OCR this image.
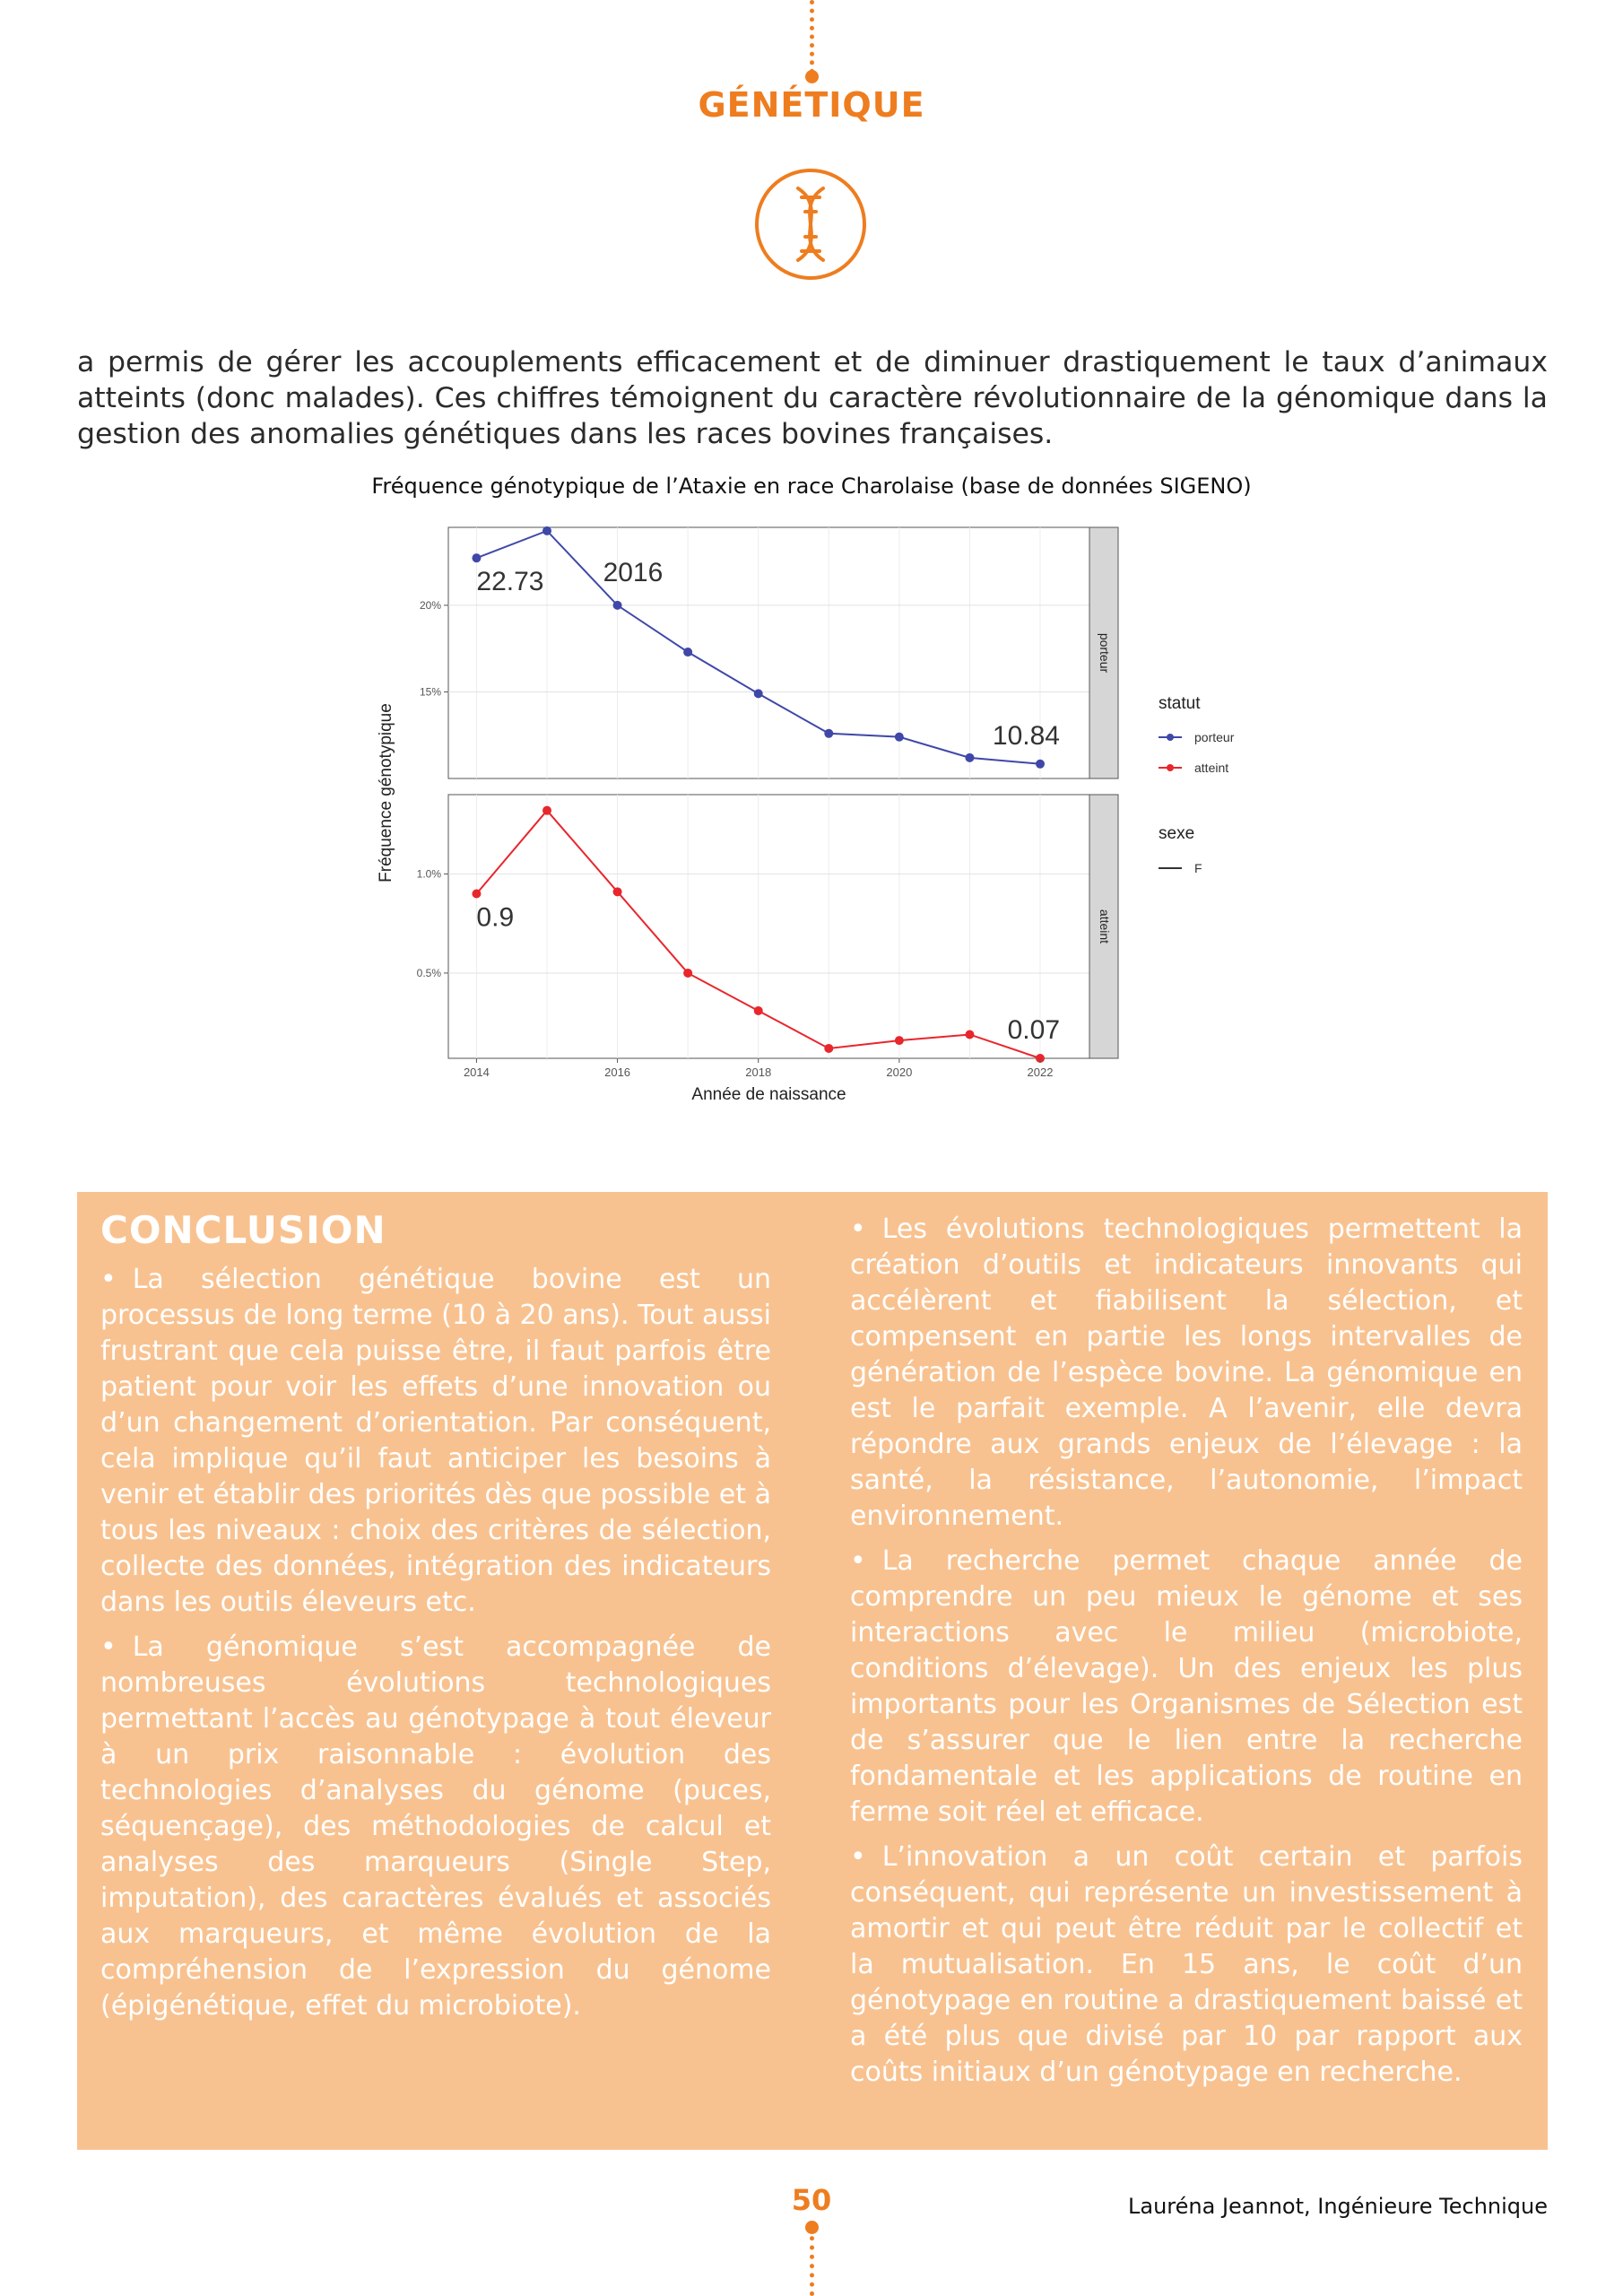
GÉNÉTIQUE
a permis de gérer les accouplements efficacement et de diminuer drastiquement le taux d’animaux atteints (donc malades). Ces chiffres témoignent du caractère révolutionnaire de la génomique dans la gestion des anomalies génétiques dans les races bovines françaises.
Fréquence génotypique de l’Ataxie en race Charolaise (base de données SIGENO)
15%
20%
porteur
22.73 2016
10.84
0.5%
1.0%
atteint
0.9
0.07
2014	2016	2018	2020	2022
Année de naissance
Fréquence génotypique	statut
porteur
atteint
sexe
F
CONCLUSION

• La sélection génétique bovine est un processus de long terme (10 à 20 ans). Tout aussi frustrant que cela puisse être, il faut parfois être patient pour voir les effets d’une innovation ou d’un changement d’orientation. Par conséquent, cela implique qu’il faut anticiper les besoins à venir et établir des priorités dès que possible et à tous les niveaux : choix des critères de sélection, collecte des données, intégration des indicateurs dans les outils éleveurs etc.

• La génomique s’est accompagnée de nombreuses évolutions technologiques permettant l’accès au génotypage à tout éleveur à un prix raisonnable : évolution des technologies d’analyses du génome (puces, séquençage), des méthodologies de calcul et analyses des marqueurs (Single Step, imputation), des caractères évalués et associés aux marqueurs, et même évolution de la compréhension de l’expression du génome (épigénétique, effet du microbiote).

• Les évolutions technologiques permettent la création d’outils et indicateurs innovants qui accélèrent et fiabilisent la sélection, et compensent en partie les longs intervalles de génération de l’espèce bovine. La génomique en est le parfait exemple. A l’avenir, elle devra répondre aux grands enjeux de l’élevage : la santé, la résistance, l’autonomie, l’impact environnement.

• La recherche permet chaque année de comprendre un peu mieux le génome et ses interactions avec le milieu (microbiote, conditions d’élevage). Un des enjeux les plus importants pour les Organismes de Sélection est de s’assurer que le lien entre la recherche fondamentale et les applications de routine en ferme soit réel et efficace.

• L’innovation a un coût certain et parfois conséquent, qui représente un investissement à amortir et qui peut être réduit par le collectif et la mutualisation. En 15 ans, le coût d’un génotypage en routine a drastiquement baissé et a été plus que divisé par 10 par rapport aux coûts initiaux d’un génotypage en recherche.

50	Lauréna Jeannot, Ingénieure Technique
